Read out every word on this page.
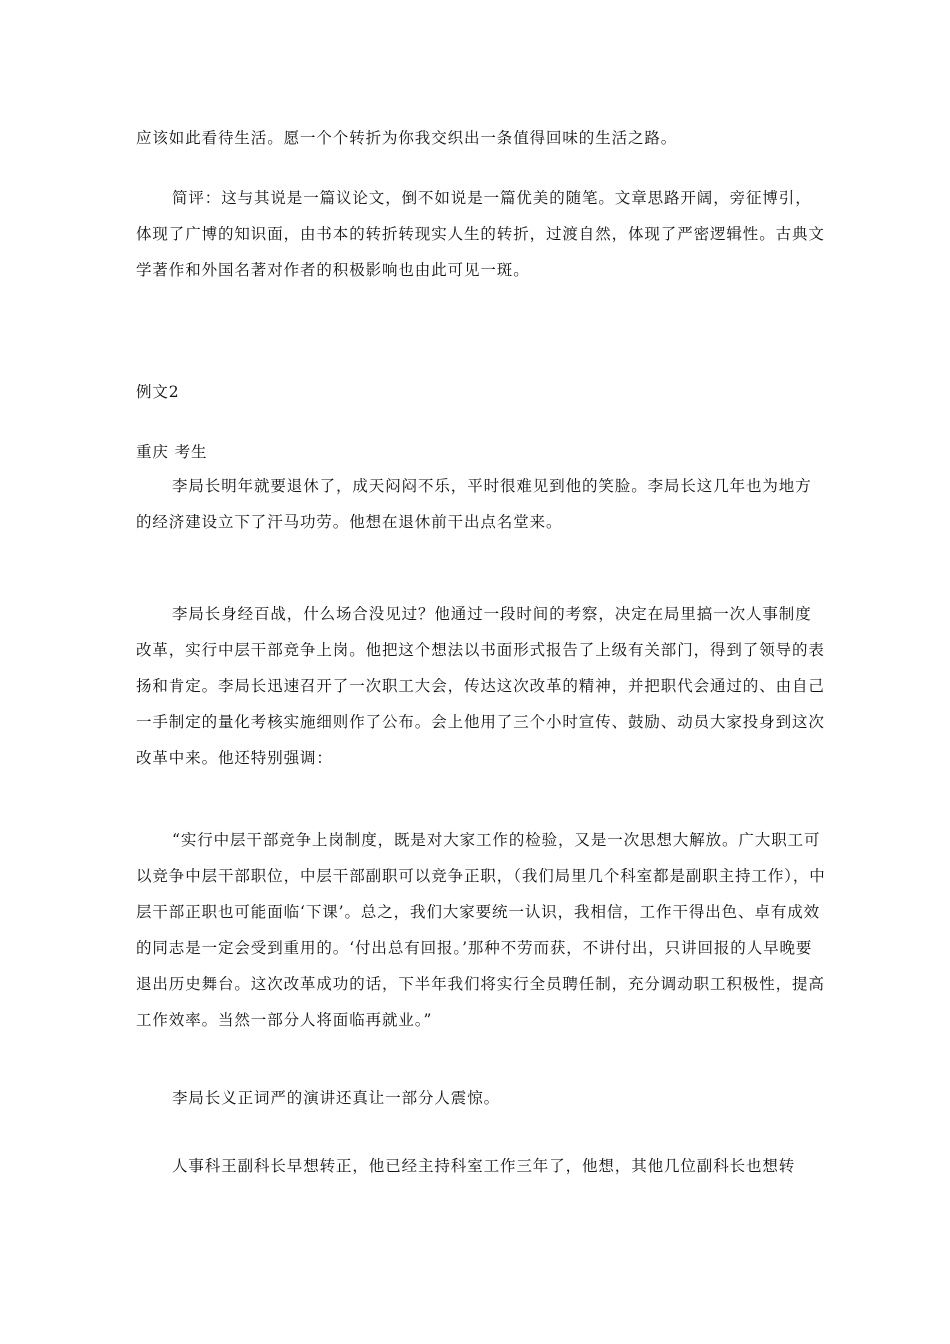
应该如此看待生活。愿一个个转折为你我交织出一条值得回味的生活之路。

简评：这与其说是一篇议论文，倒不如说是一篇优美的随笔。文章思路开阔，旁征博引，体现了广博的知识面，由书本的转折转现实人生的转折，过渡自然，体现了严密逻辑性。古典文学著作和外国名著对作者的积极影响也由此可见一斑。

例文2

重庆 考生

李局长明年就要退休了，成天闷闷不乐，平时很难见到他的笑脸。李局长这几年也为地方的经济建设立下了汗马功劳。他想在退休前干出点名堂来。

李局长身经百战，什么场合没见过？他通过一段时间的考察，决定在局里搞一次人事制度改革，实行中层干部竞争上岗。他把这个想法以书面形式报告了上级有关部门，得到了领导的表扬和肯定。李局长迅速召开了一次职工大会，传达这次改革的精神，并把职代会通过的、由自己一手制定的量化考核实施细则作了公布。会上他用了三个小时宣传、鼓励、动员大家投身到这次改革中来。他还特别强调：

“实行中层干部竞争上岗制度，既是对大家工作的检验，又是一次思想大解放。广大职工可以竞争中层干部职位，中层干部副职可以竞争正职，（我们局里几个科室都是副职主持工作），中层干部正职也可能面临‘下课’。总之，我们大家要统一认识，我相信，工作干得出色、卓有成效的同志是一定会受到重用的。‘付出总有回报。’那种不劳而获，不讲付出，只讲回报的人早晚要退出历史舞台。这次改革成功的话，下半年我们将实行全员聘任制，充分调动职工积极性，提高工作效率。当然一部分人将面临再就业。”

李局长义正词严的演讲还真让一部分人震惊。

人事科王副科长早想转正，他已经主持科室工作三年了，他想，其他几位副科长也想转
